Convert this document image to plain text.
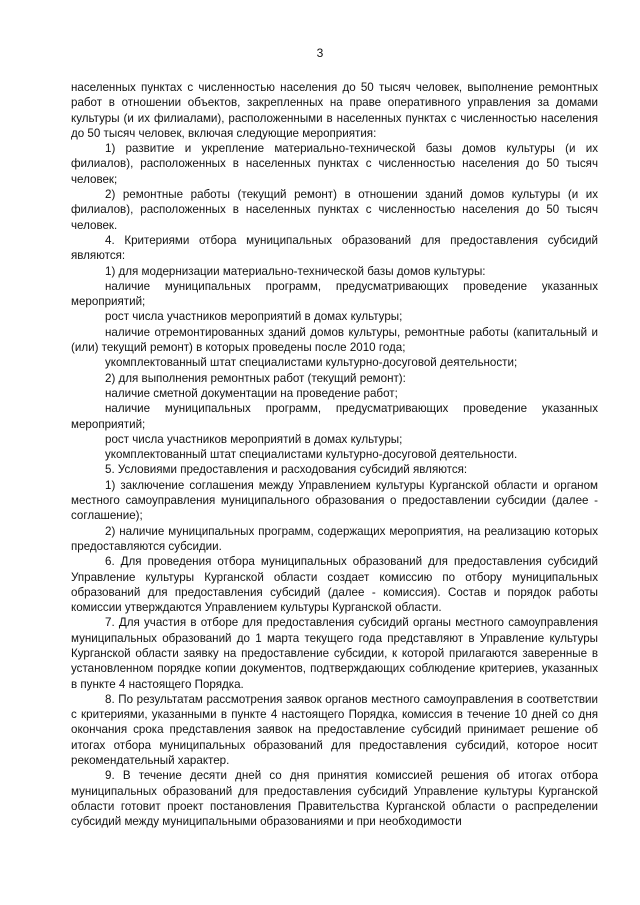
3

населенных пунктах с численностью населения до 50 тысяч человек, выполнение ремонтных работ в отношении объектов, закрепленных на праве оперативного управления за домами культуры (и их филиалами), расположенными в населенных пунктах с численностью населения до 50 тысяч человек, включая следующие мероприятия:

1) развитие и укрепление материально-технической базы домов культуры (и их филиалов), расположенных в населенных пунктах с численностью населения до 50 тысяч человек;

2) ремонтные работы (текущий ремонт) в отношении зданий домов культуры (и их филиалов), расположенных в населенных пунктах с численностью населения до 50 тысяч человек.

4. Критериями отбора муниципальных образований для предоставления субсидий являются:

1) для модернизации материально-технической базы домов культуры:

наличие муниципальных программ, предусматривающих проведение указанных мероприятий;

рост числа участников мероприятий в домах культуры;

наличие отремонтированных зданий домов культуры, ремонтные работы (капитальный и (или) текущий ремонт) в которых проведены после 2010 года;

укомплектованный штат специалистами культурно-досуговой деятельности;

2) для выполнения ремонтных работ (текущий ремонт):

наличие сметной документации на проведение работ;

наличие муниципальных программ, предусматривающих проведение указанных мероприятий;

рост числа участников мероприятий в домах культуры;

укомплектованный штат специалистами культурно-досуговой деятельности.

5. Условиями предоставления и расходования субсидий являются:

1) заключение соглашения между Управлением культуры Курганской области и органом местного самоуправления муниципального образования о предоставлении субсидии (далее - соглашение);

2) наличие муниципальных программ, содержащих мероприятия, на реализацию которых предоставляются субсидии.

6. Для проведения отбора муниципальных образований для предоставления субсидий Управление культуры Курганской области создает комиссию по отбору муниципальных образований для предоставления субсидий (далее - комиссия). Состав и порядок работы комиссии утверждаются Управлением культуры Курганской области.

7. Для участия в отборе для предоставления субсидий органы местного самоуправления муниципальных образований до 1 марта текущего года представляют в Управление культуры Курганской области заявку на предоставление субсидии, к которой прилагаются заверенные в установленном порядке копии документов, подтверждающих соблюдение критериев, указанных в пункте 4 настоящего Порядка.

8. По результатам рассмотрения заявок органов местного самоуправления в соответствии с критериями, указанными в пункте 4 настоящего Порядка, комиссия в течение 10 дней со дня окончания срока представления заявок на предоставление субсидий принимает решение об итогах отбора муниципальных образований для предоставления субсидий, которое носит рекомендательный характер.

9. В течение десяти дней со дня принятия комиссией решения об итогах отбора муниципальных образований для предоставления субсидий Управление культуры Курганской области готовит проект постановления Правительства Курганской области о распределении субсидий между муниципальными образованиями и при необходимости
